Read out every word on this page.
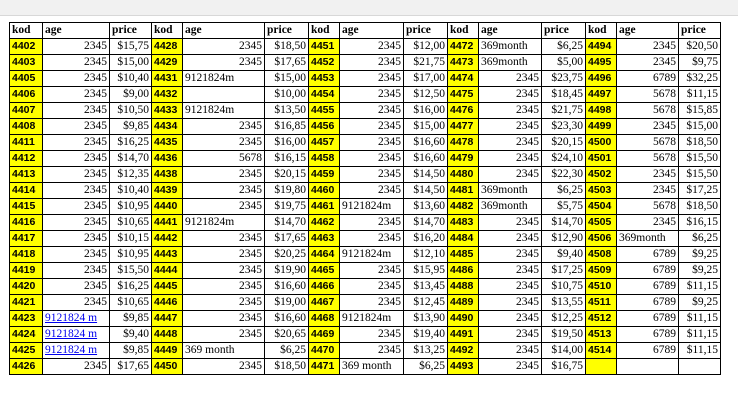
kod	age	price	kod	age	price	kod	age	price	kod	age	price	kod	age	price
4402	2345	$15,75	4428	2345	$18,50	4451	2345	$12,00	4472	369month	$6,25	4494	2345	$20,50
4403	2345	$15,00	4429	2345	$17,65	4452	2345	$21,75	4473	369month	$5,00	4495	2345	$9,75
4405	2345	$10,40	4431	9121824m	$15,00	4453	2345	$17,00	4474	2345	$23,75	4496	6789	$32,25
4406	2345	$9,00	4432		$10,00	4454	2345	$12,50	4475	2345	$18,45	4497	5678	$11,15
4407	2345	$10,50	4433	9121824m	$13,50	4455	2345	$16,00	4476	2345	$21,75	4498	5678	$15,85
4408	2345	$9,85	4434	2345	$16,85	4456	2345	$15,00	4477	2345	$23,30	4499	2345	$15,00
4411	2345	$16,25	4435	2345	$16,00	4457	2345	$16,60	4478	2345	$20,15	4500	5678	$18,50
4412	2345	$14,70	4436	5678	$16,15	4458	2345	$16,60	4479	2345	$24,10	4501	5678	$15,50
4413	2345	$12,35	4438	2345	$20,15	4459	2345	$14,50	4480	2345	$22,30	4502	2345	$15,50
4414	2345	$10,40	4439	2345	$19,80	4460	2345	$14,50	4481	369month	$6,25	4503	2345	$17,25
4415	2345	$10,95	4440	2345	$19,75	4461	9121824m	$13,60	4482	369month	$5,75	4504	5678	$18,50
4416	2345	$10,65	4441	9121824m	$14,70	4462	2345	$14,70	4483	2345	$14,70	4505	2345	$16,15
4417	2345	$10,15	4442	2345	$17,65	4463	2345	$16,20	4484	2345	$12,90	4506	369month	$6,25
4418	2345	$10,95	4443	2345	$20,25	4464	9121824m	$12,10	4485	2345	$9,40	4508	6789	$9,25
4419	2345	$15,50	4444	2345	$19,90	4465	2345	$15,95	4486	2345	$17,25	4509	6789	$9,25
4420	2345	$16,25	4445	2345	$16,60	4466	2345	$13,45	4488	2345	$10,75	4510	6789	$11,15
4421	2345	$10,65	4446	2345	$19,00	4467	2345	$12,45	4489	2345	$13,55	4511	6789	$9,25
4423	9121824 m	$9,85	4447	2345	$16,60	4468	9121824m	$13,90	4490	2345	$12,25	4512	6789	$11,15
4424	9121824 m	$9,40	4448	2345	$20,65	4469	2345	$19,40	4491	2345	$19,50	4513	6789	$11,15
4425	9121824 m	$9,85	4449	369 month	$6,25	4470	2345	$13,25	4492	2345	$14,00	4514	6789	$11,15
4426	2345	$17,65	4450	2345	$18,50	4471	369 month	$6,25	4493	2345	$16,75			
